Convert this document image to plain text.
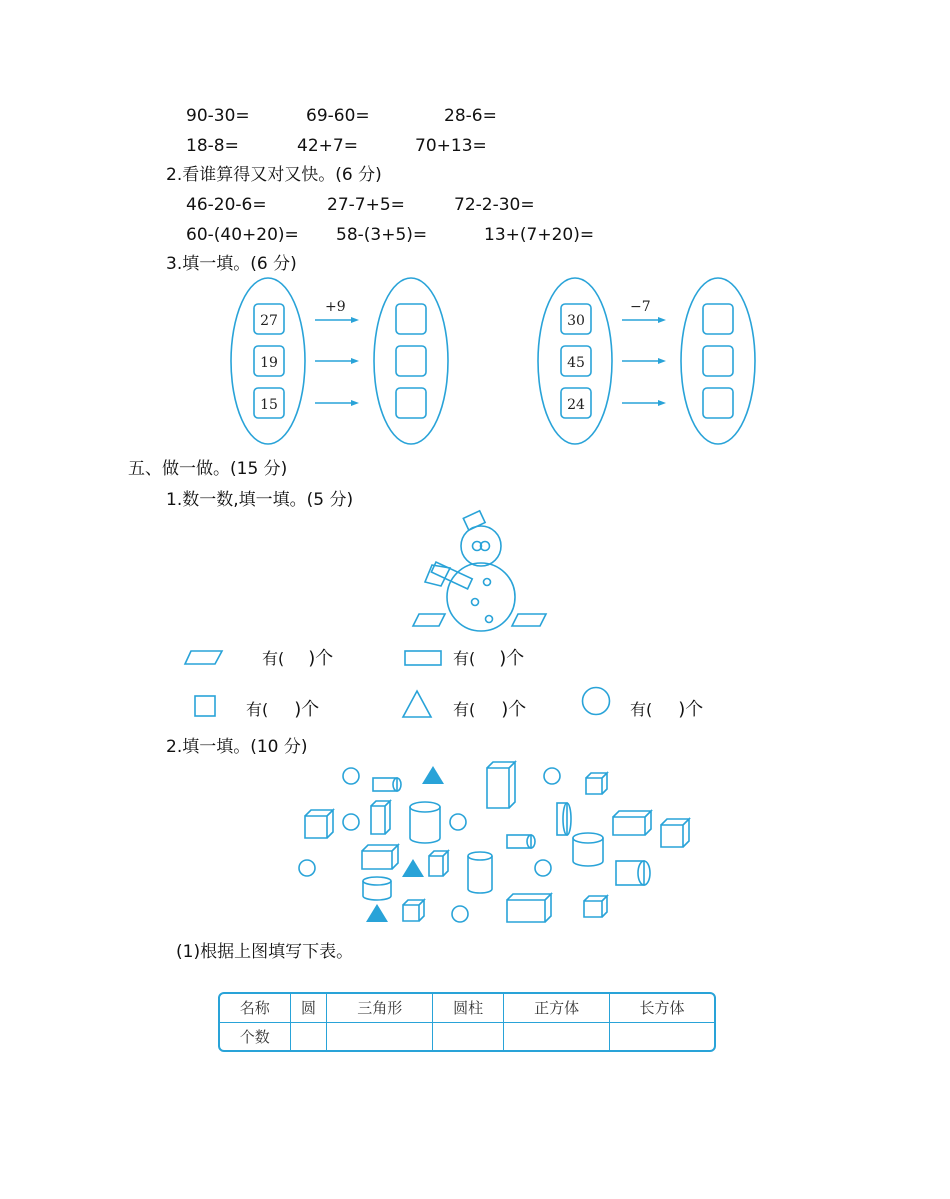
90-30=	69-60=	28-6=
18-8=	42+7=	70+13=
2.看谁算得又对又快。(6 分)
46-20-6=	27-7+5=	72-2-30=
60-(40+20)= 58-(3+5)=	13+(7+20)=
3.填一填。(6 分)
27
19
15
+9
30
45
24
−7
五、做一做。(15 分)
1.数一数,填一填。(5 分)
有( )个	有( )个
有( )个	有( )个	有( )个
2.填一填。(10 分)
(1)根据上图填写下表。
名称	圆	三角形	圆柱	正方体	长方体
个数					
